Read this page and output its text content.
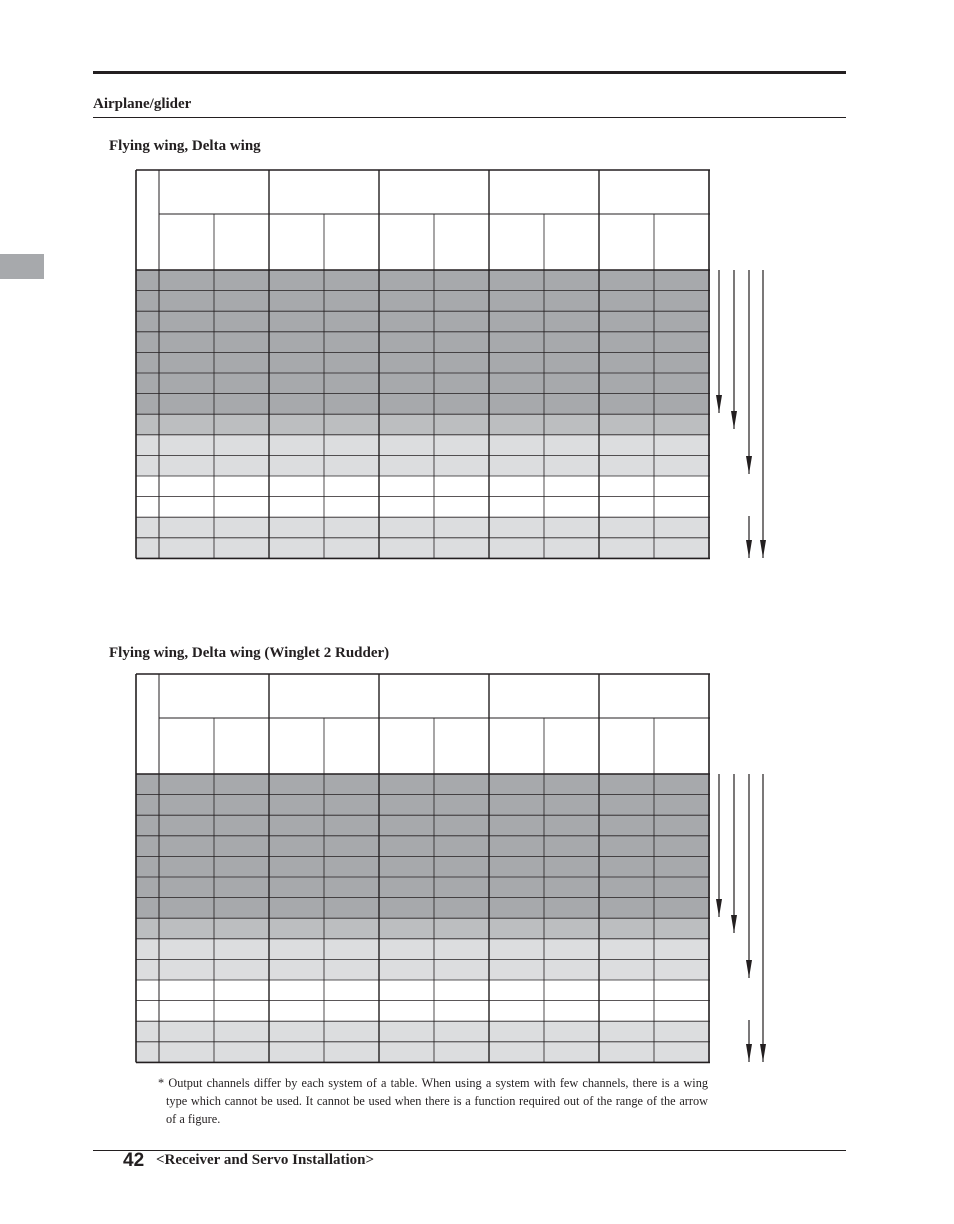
Airplane/glider
Flying wing, Delta wing
Flying wing, Delta wing (Winglet 2 Rudder)
* Output channels differ by each system of a table. When using a system with few channels, there is a wing type which cannot be used. It cannot be used when there is a function required out of the range of the arrow of a figure.
42 <Receiver and Servo Installation>
